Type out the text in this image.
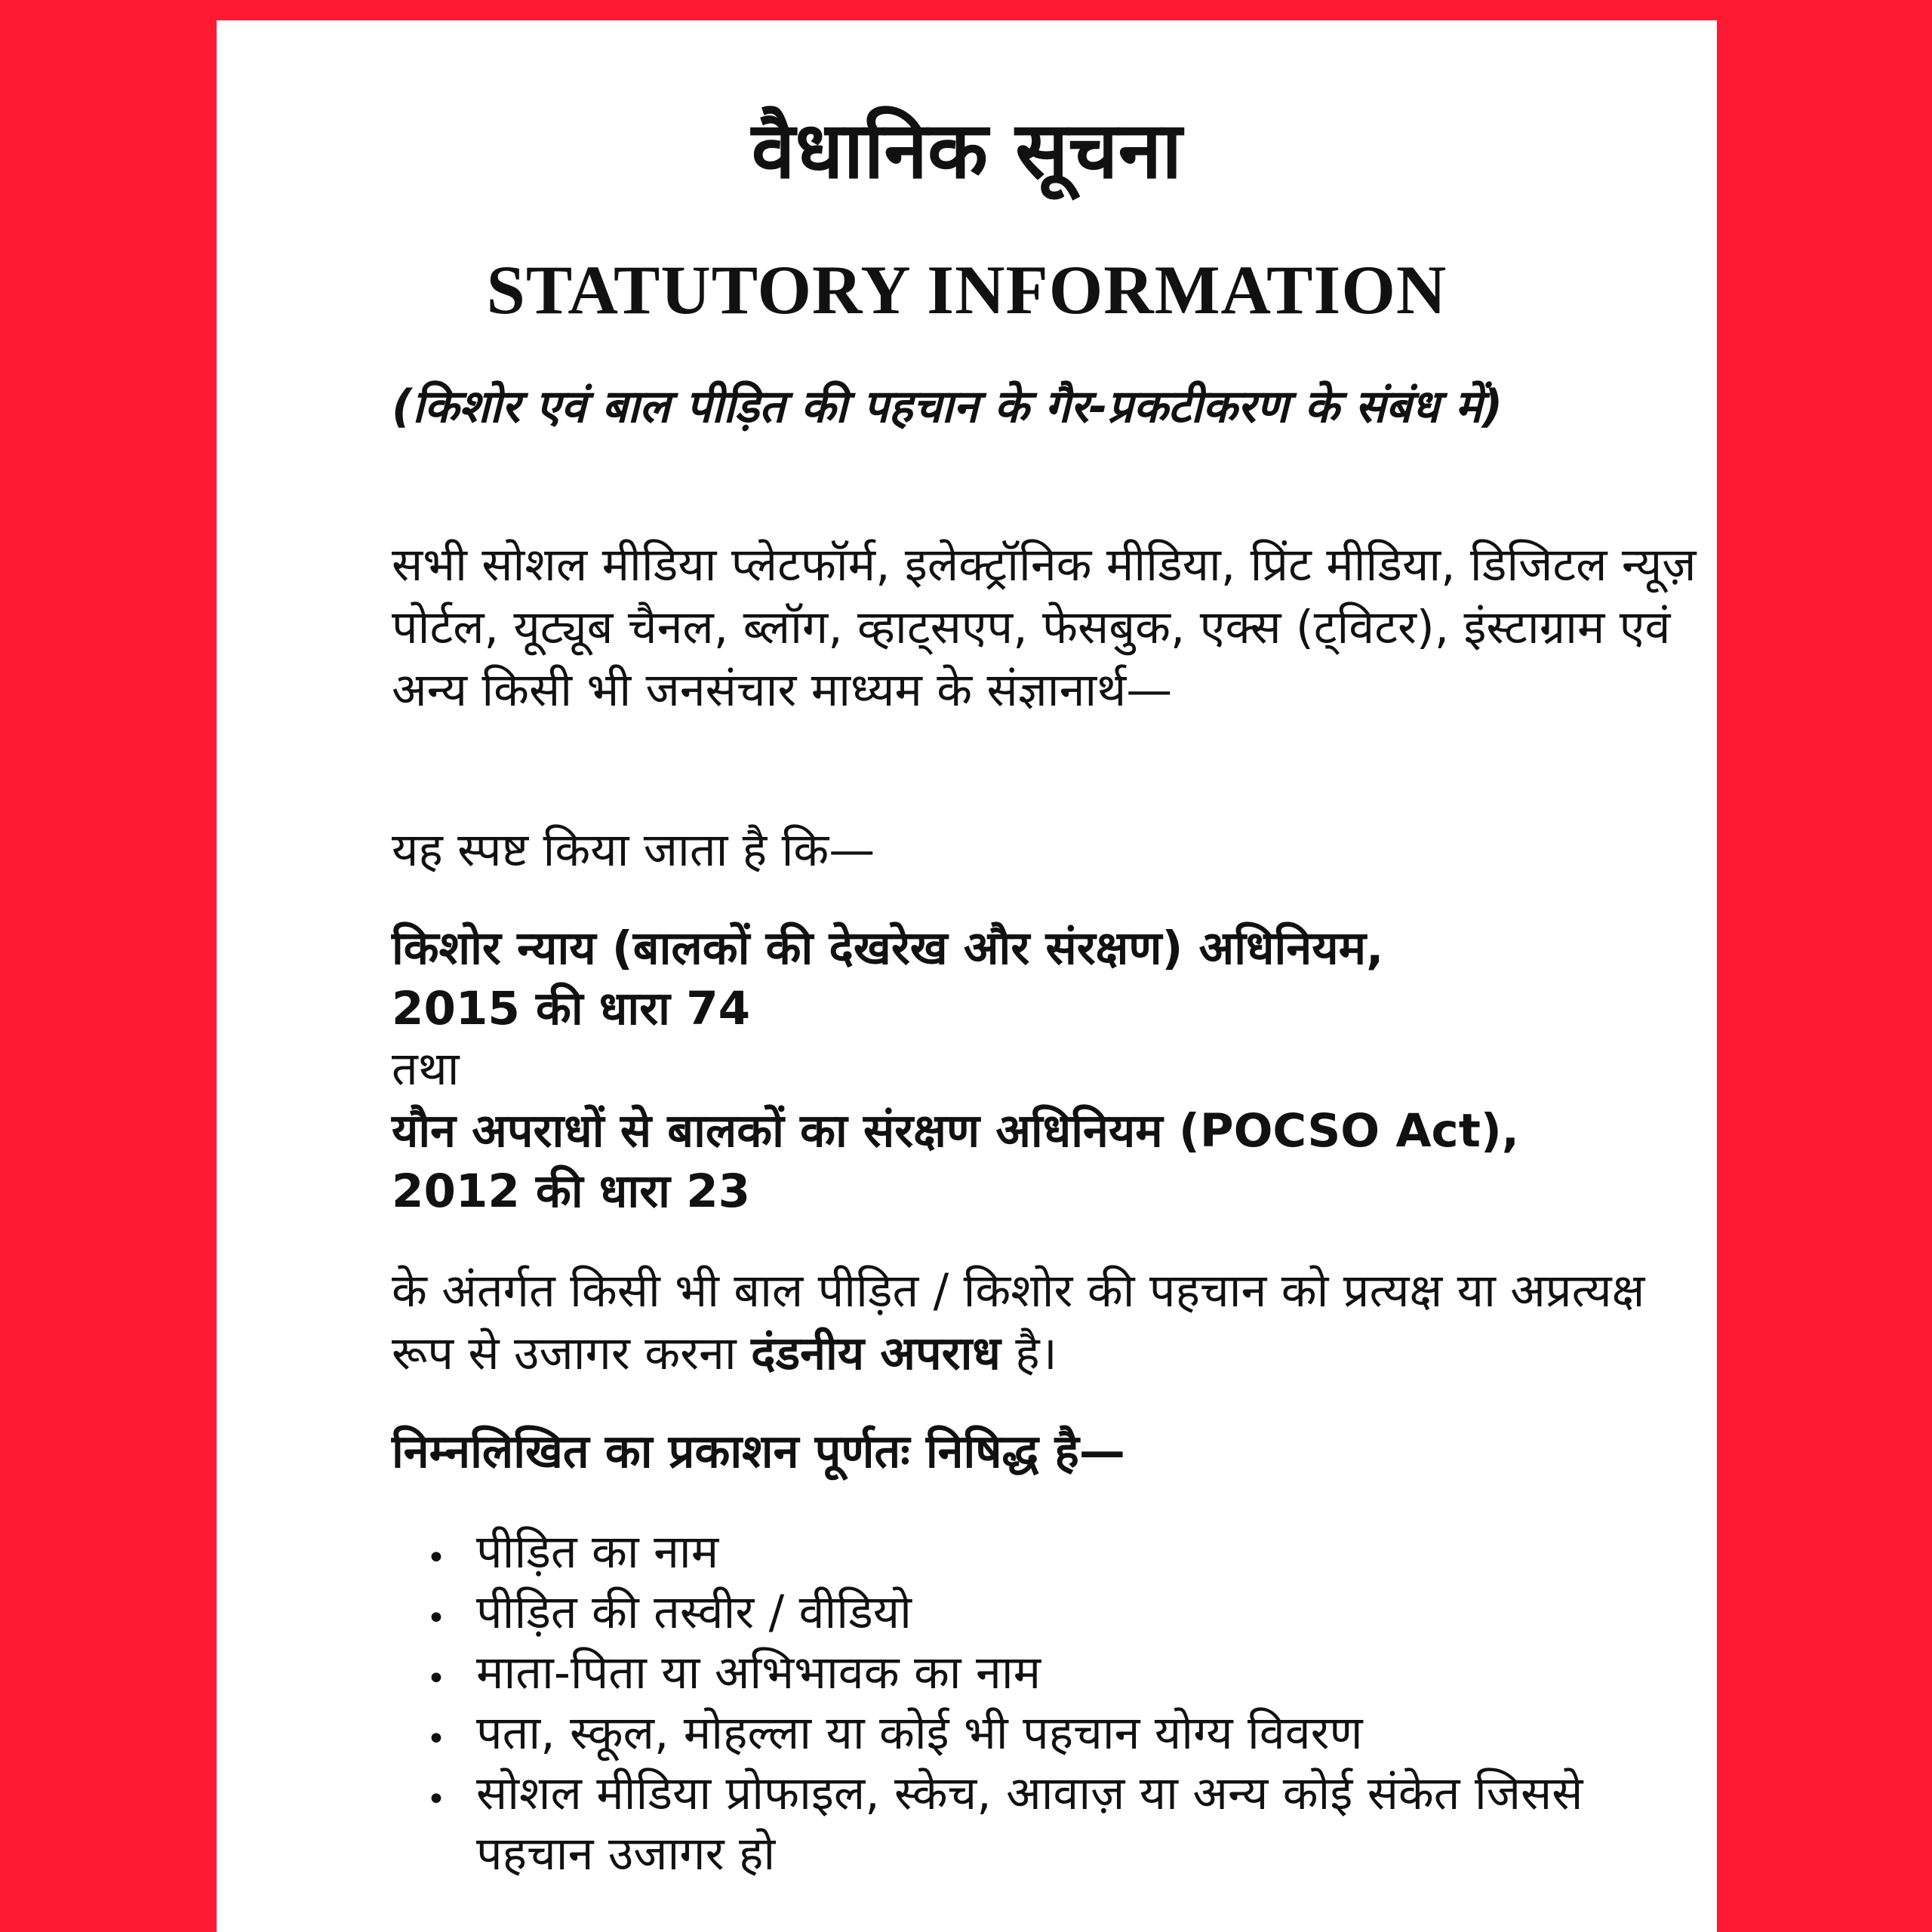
वैधानिक सूचना
STATUTORY INFORMATION
(किशोर एवं बाल पीड़ित की पहचान के गैर-प्रकटीकरण के संबंध में)
सभी सोशल मीडिया प्लेटफॉर्म, इलेक्ट्रॉनिक मीडिया, प्रिंट मीडिया, डिजिटल न्यूज़ पोर्टल, यूट्यूब चैनल, ब्लॉग, व्हाट्सएप, फेसबुक, एक्स (ट्विटर), इंस्टाग्राम एवं अन्य किसी भी जनसंचार माध्यम के संज्ञानार्थ—
यह स्पष्ट किया जाता है कि—
किशोर न्याय (बालकों की देखरेख और संरक्षण) अधिनियम,
2015 की धारा 74
तथा
यौन अपराधों से बालकों का संरक्षण अधिनियम (POCSO Act),
2012 की धारा 23
के अंतर्गत किसी भी बाल पीड़ित / किशोर की पहचान को प्रत्यक्ष या अप्रत्यक्ष रूप से उजागर करना दंडनीय अपराध है।
निम्नलिखित का प्रकाशन पूर्णतः निषिद्ध है—
• पीड़ित का नाम
• पीड़ित की तस्वीर / वीडियो
• माता-पिता या अभिभावक का नाम
• पता, स्कूल, मोहल्ला या कोई भी पहचान योग्य विवरण
• सोशल मीडिया प्रोफाइल, स्केच, आवाज़ या अन्य कोई संकेत जिससे पहचान उजागर हो
